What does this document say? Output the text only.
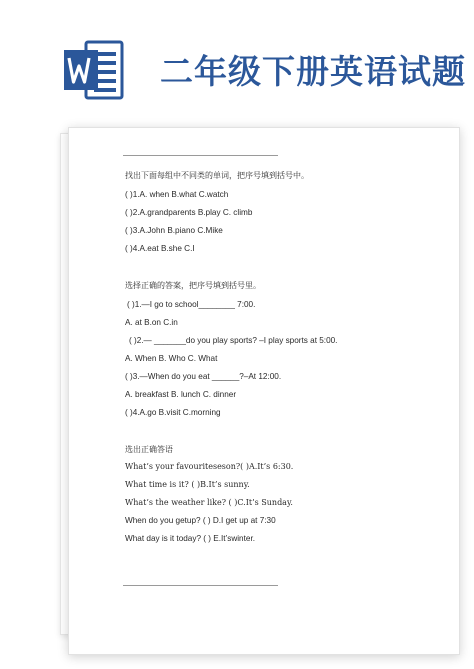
二年级下册英语试题
找出下面每组中不同类的单词，把序号填到括号中。
( )1.A. when B.what C.watch
( )2.A.grandparents B.play C. climb
( )3.A.John B.piano C.Mike
( )4.A.eat B.she C.I
选择正确的答案，把序号填到括号里。
( )1.—I go to school________ 7:00.
A. at B.on C.in
( )2.— _______do you play sports? –I play sports at 5:00.
A. When B. Who C. What
( )3.—When do you eat ______?–At 12:00.
A. breakfast B. lunch C. dinner
( )4.A.go B.visit C.morning
选出正确答语
What’s your favouriteseson?( )A.It’s 6:30.
What time is it? ( )B.It’s sunny.
What’s the weather like? ( )C.It’s Sunday.
When do you getup? ( ) D.I get up at 7:30
What day is it today? ( ) E.It’swinter.
